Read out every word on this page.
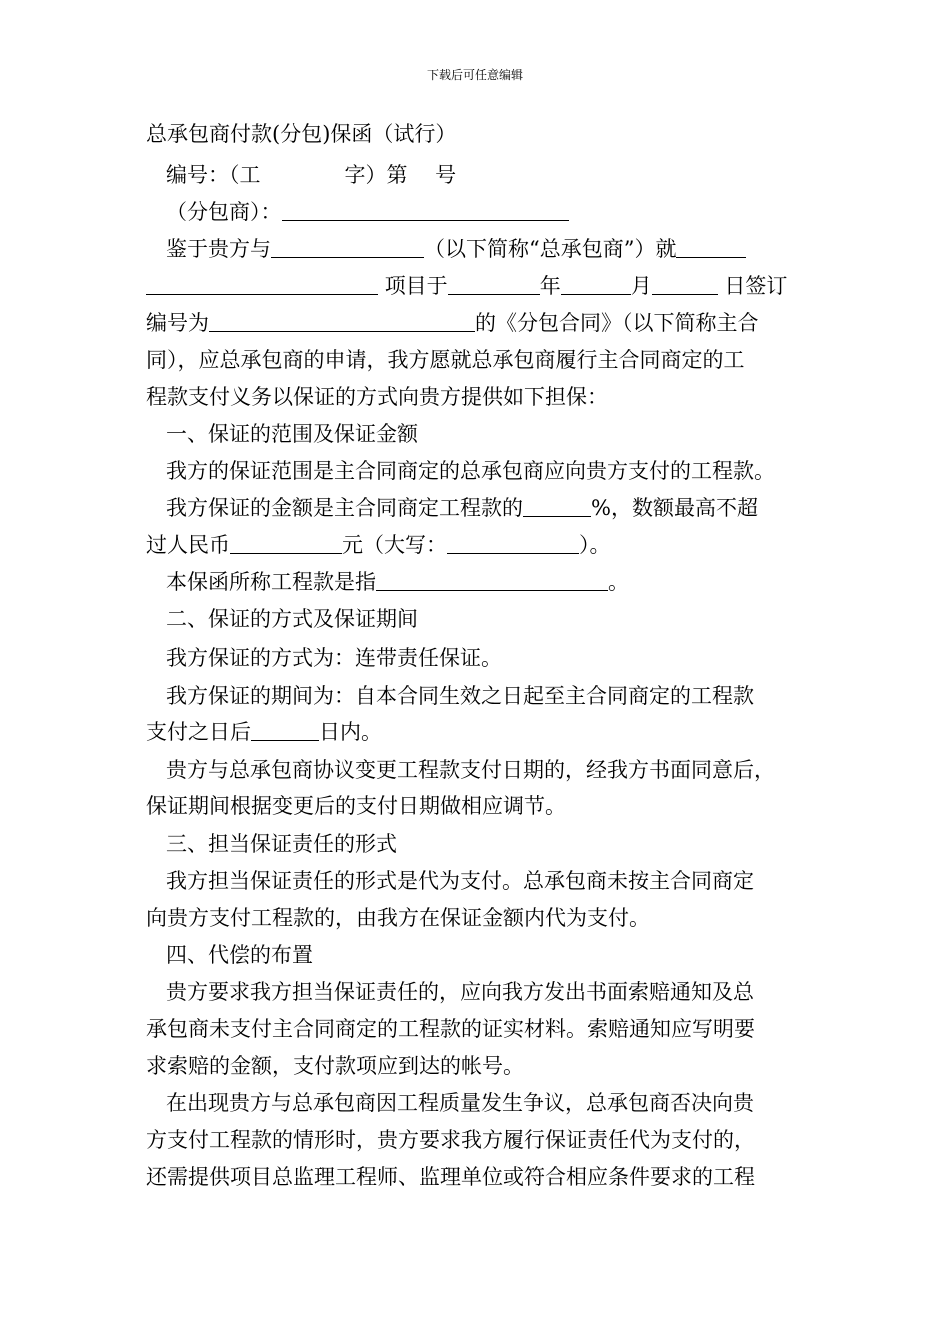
下载后可任意编辑
总承包商付款(分包)保函（试行）
编号：（工　　　　字）第　 号
（分包商）：
鉴于贵方与	（以下简称“总承包商”）就
项目于	年	月	日签订
编号为	的《分包合同》（以下简称主合
同），应总承包商的申请，我方愿就总承包商履行主合同商定的工
程款支付义务以保证的方式向贵方提供如下担保：
一、保证的范围及保证金额
我方的保证范围是主合同商定的总承包商应向贵方支付的工程款。
我方保证的金额是主合同商定工程款的	%，数额最高不超
过人民币	元（大写：	）。
本保函所称工程款是指	。
二、保证的方式及保证期间
我方保证的方式为：连带责任保证。
我方保证的期间为：自本合同生效之日起至主合同商定的工程款
支付之日后	日内。
贵方与总承包商协议变更工程款支付日期的，经我方书面同意后，
保证期间根据变更后的支付日期做相应调节。
三、担当保证责任的形式
我方担当保证责任的形式是代为支付。总承包商未按主合同商定
向贵方支付工程款的，由我方在保证金额内代为支付。
四、代偿的布置
贵方要求我方担当保证责任的，应向我方发出书面索赔通知及总
承包商未支付主合同商定的工程款的证实材料。索赔通知应写明要
求索赔的金额，支付款项应到达的帐号。
在出现贵方与总承包商因工程质量发生争议，总承包商否决向贵
方支付工程款的情形时，贵方要求我方履行保证责任代为支付的，
还需提供项目总监理工程师、监理单位或符合相应条件要求的工程
